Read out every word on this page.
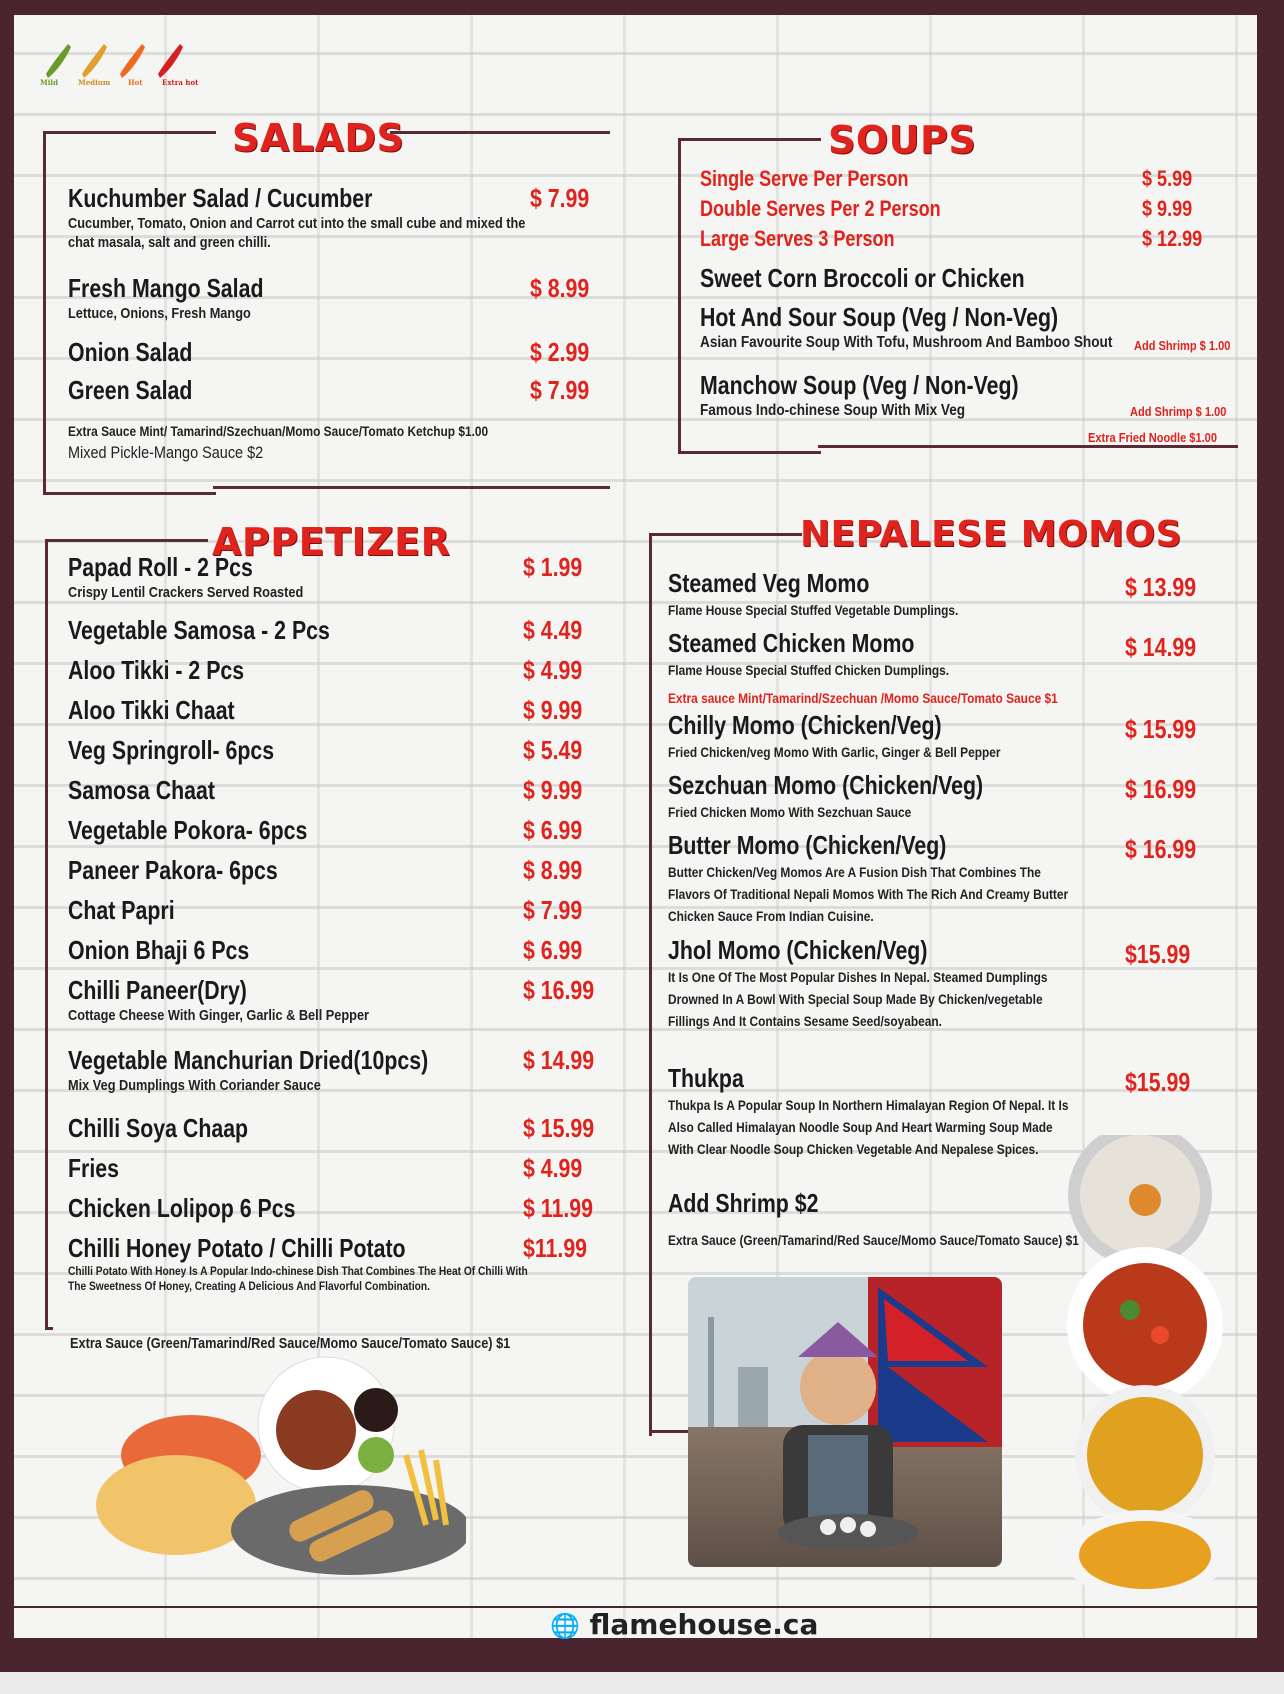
Mild	Medium	Hot	Extra hot
SALADS
Kuchumber Salad / Cucumber
Cucumber, Tomato, Onion and Carrot cut into the small cube and mixed the chat masala, salt and green chilli.
$ 7.99
Fresh Mango Salad
Lettuce, Onions, Fresh Mango
$ 8.99
Onion Salad	$ 2.99
Green Salad	$ 7.99
Extra Sauce Mint/ Tamarind/Szechuan/Momo Sauce/Tomato Ketchup $1.00
Mixed Pickle-Mango Sauce $2
SOUPS
Single Serve Per Person	$ 5.99
Double Serves Per 2 Person	$ 9.99
Large Serves 3 Person	$ 12.99
Sweet Corn Broccoli or Chicken
Hot And Sour Soup (Veg / Non-Veg)
Asian Favourite Soup With Tofu, Mushroom And Bamboo Shout Add Shrimp $ 1.00
Manchow Soup (Veg / Non-Veg)
Famous Indo-chinese Soup With Mix Veg	Add Shrimp $ 1.00
Extra Fried Noodle $1.00
APPETIZER
Papad Roll - 2 Pcs
Crispy Lentil Crackers Served Roasted
$ 1.99
Vegetable Samosa - 2 Pcs	$ 4.49
Aloo Tikki - 2 Pcs	$ 4.99
Aloo Tikki Chaat	$ 9.99
Veg Springroll- 6pcs	$ 5.49
Samosa Chaat	$ 9.99
Vegetable Pokora- 6pcs	$ 6.99
Paneer Pakora- 6pcs	$ 8.99
Chat Papri	$ 7.99
Onion Bhaji 6 Pcs	$ 6.99
Chilli Paneer(Dry)
Cottage Cheese With Ginger, Garlic & Bell Pepper
$ 16.99
Vegetable Manchurian Dried(10pcs)
Mix Veg Dumplings With Coriander Sauce
$ 14.99
Chilli Soya Chaap	$ 15.99
Fries	$ 4.99
Chicken Lolipop 6 Pcs	$ 11.99
Chilli Honey Potato / Chilli Potato
Chilli Potato With Honey Is A Popular Indo-chinese Dish That Combines The Heat Of Chilli With The Sweetness Of Honey, Creating A Delicious And Flavorful Combination.
$11.99
Extra Sauce (Green/Tamarind/Red Sauce/Momo Sauce/Tomato Sauce) $1
NEPALESE MOMOS
Steamed Veg Momo
Flame House Special Stuffed Vegetable Dumplings.
$ 13.99
Steamed Chicken Momo
Flame House Special Stuffed Chicken Dumplings.
$ 14.99
Chilly Momo (Chicken/Veg)
Fried Chicken/veg Momo With Garlic, Ginger & Bell Pepper
$ 15.99
Sezchuan Momo (Chicken/Veg)
Fried Chicken Momo With Sezchuan Sauce
$ 16.99
Butter Momo (Chicken/Veg)
Butter Chicken/Veg Momos Are A Fusion Dish That Combines The Flavors Of Traditional Nepali Momos With The Rich And Creamy Butter Chicken Sauce From Indian Cuisine.
$ 16.99
Jhol Momo (Chicken/Veg)
It Is One Of The Most Popular Dishes In Nepal. Steamed Dumplings Drowned In A Bowl With Special Soup Made By Chicken/vegetable Fillings And It Contains Sesame Seed/soyabean.
$15.99
Thukpa
Thukpa Is A Popular Soup In Northern Himalayan Region Of Nepal. It Is Also Called Himalayan Noodle Soup And Heart Warming Soup Made With Clear Noodle Soup Chicken Vegetable And Nepalese Spices.
$15.99
Add Shrimp $2
Extra sauce Mint/Tamarind/Szechuan /Momo Sauce/Tomato Sauce $1
Extra Sauce (Green/Tamarind/Red Sauce/Momo Sauce/Tomato Sauce) $1
🌐 flamehouse.ca
